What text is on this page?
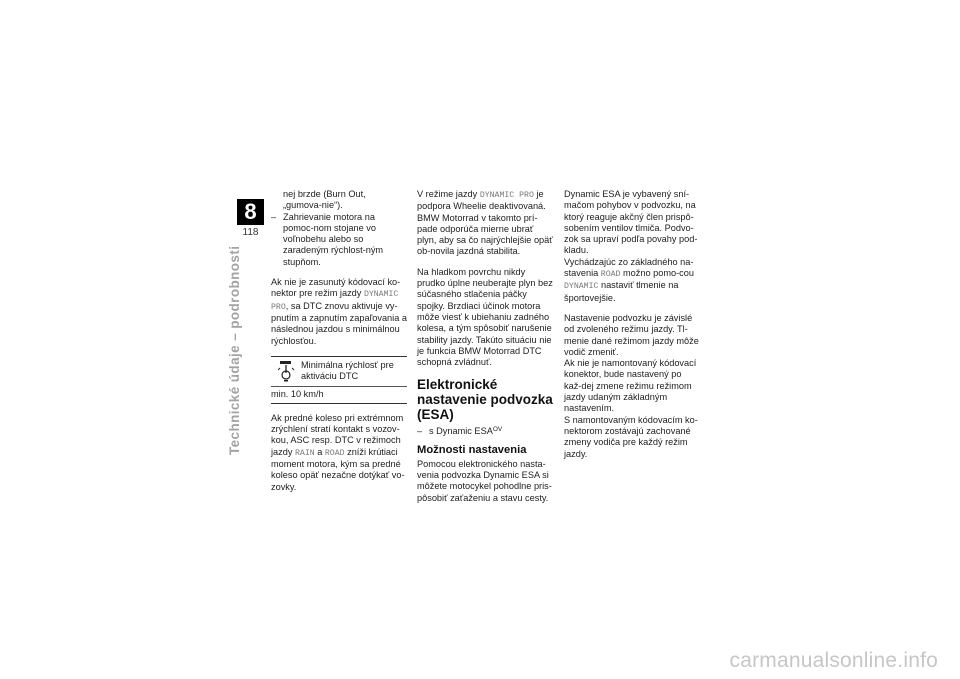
8
118
Technické údaje – podrobnosti

nej brzde (Burn Out, „gumova-nie“).

– Zahrievanie motora na pomoc-nom stojane vo voľnobehu alebo so zaradeným rýchlost-ným stupňom.

Ak nie je zasunutý kódovací ko-nektor pre režim jazdy DYNAMIC PRO, sa DTC znovu aktivuje vy-pnutím a zapnutím zapaľovania a následnou jazdou s minimálnou rýchlosťou.

Minimálna rýchlosť pre aktiváciu DTC
min. 10 km/h

Ak predné koleso pri extrémnom zrýchlení stratí kontakt s vozov-kou, ASC resp. DTC v režimoch jazdy RAIN a ROAD zníži krútiaci moment motora, kým sa predné koleso opäť nezačne dotýkať vo-zovky.

V režime jazdy DYNAMIC PRO je podpora Wheelie deaktivovaná. BMW Motorrad v takomto prí-pade odporúča mierne ubrať plyn, aby sa čo najrýchlejšie opäť ob-novila jazdná stabilita.

Na hladkom povrchu nikdy prudko úplne neuberajte plyn bez súčasného stlačenia páčky spojky. Brzdiaci účinok motora môže viesť k ubiehaniu zadného kolesa, a tým spôsobiť narušenie stability jazdy. Takúto situáciu nie je funkcia BMW Motorrad DTC schopná zvládnuť.

Elektronické nastavenie podvozka (ESA)

– s Dynamic $ESA^{OV}$

Možnosti nastavenia

Pomocou elektronického nasta-venia podvozka Dynamic ESA si môžete motocykel pohodlne pris-pôsobiť zaťaženiu a stavu cesty.

Dynamic ESA je vybavený sní-mačom pohybov v podvozku, na ktorý reaguje akčný člen prispô-sobením ventilov tlmiča. Podvo-zok sa upraví podľa povahy pod-kladu.

Vychádzajúc zo základného na-stavenia ROAD možno pomo-cou DYNAMIC nastaviť tlmenie na športovejšie.

Nastavenie podvozku je závislé od zvoleného režimu jazdy. Tl-menie dané režimom jazdy môže vodič zmeniť.

Ak nie je namontovaný kódovací konektor, bude nastavený po kaž-dej zmene režimu režimom jazdy udaným základným nastavením.

S namontovaným kódovacím ko-nektorom zostávajú zachované zmeny vodiča pre každý režim jazdy.

carmanualsonline.info
